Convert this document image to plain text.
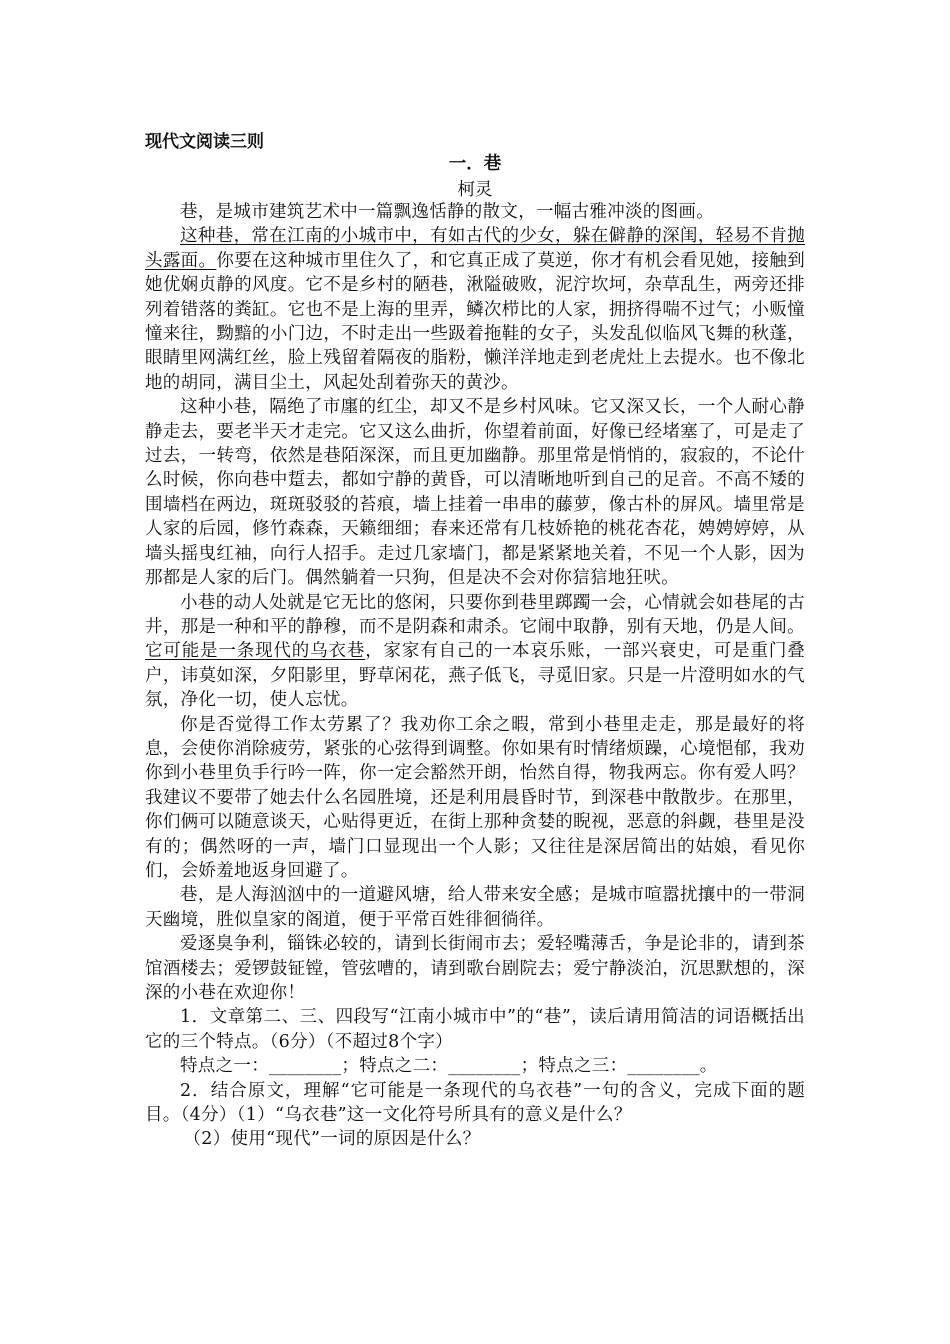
现代文阅读三则
一．巷
柯灵

巷，是城市建筑艺术中一篇飘逸恬静的散文，一幅古雅冲淡的图画。

这种巷，常在江南的小城市中，有如古代的少女，躲在僻静的深闺，轻易不肯抛头露面。你要在这种城市里住久了，和它真正成了莫逆，你才有机会看见她，接触到她优娴贞静的风度。它不是乡村的陋巷，湫隘破败，泥泞坎坷，杂草乱生，两旁还排列着错落的粪缸。它也不是上海的里弄，鳞次栉比的人家，拥挤得喘不过气；小贩憧憧来往，黝黯的小门边，不时走出一些趿着拖鞋的女子，头发乱似临风飞舞的秋蓬，眼睛里网满红丝，脸上残留着隔夜的脂粉，懒洋洋地走到老虎灶上去提水。也不像北地的胡同，满目尘土，风起处刮着弥天的黄沙。

这种小巷，隔绝了市廛的红尘，却又不是乡村风味。它又深又长，一个人耐心静静走去，要老半天才走完。它又这么曲折，你望着前面，好像已经堵塞了，可是走了过去，一转弯，依然是巷陌深深，而且更加幽静。那里常是悄悄的，寂寂的，不论什么时候，你向巷中踅去，都如宁静的黄昏，可以清晰地听到自己的足音。不高不矮的围墙档在两边，斑斑驳驳的苔痕，墙上挂着一串串的藤萝，像古朴的屏风。墙里常是人家的后园，修竹森森，天籁细细；春来还常有几枝娇艳的桃花杏花，娉娉婷婷，从墙头摇曳红袖，向行人招手。走过几家墙门，都是紧紧地关着，不见一个人影，因为那都是人家的后门。偶然躺着一只狗，但是决不会对你狺狺地狂吠。

小巷的动人处就是它无比的悠闲，只要你到巷里踯躅一会，心情就会如巷尾的古井，那是一种和平的静穆，而不是阴森和肃杀。它闹中取静，别有天地，仍是人间。它可能是一条现代的乌衣巷，家家有自己的一本哀乐账，一部兴衰史，可是重门叠户，讳莫如深，夕阳影里，野草闲花，燕子低飞，寻觅旧家。只是一片澄明如水的气氛，净化一切，使人忘忧。

你是否觉得工作太劳累了？我劝你工余之暇，常到小巷里走走，那是最好的将息，会使你消除疲劳，紧张的心弦得到调整。你如果有时情绪烦躁，心境悒郁，我劝你到小巷里负手行吟一阵，你一定会豁然开朗，怡然自得，物我两忘。你有爱人吗？我建议不要带了她去什么名园胜境，还是利用晨昏时节，到深巷中散散步。在那里，你们俩可以随意谈天，心贴得更近，在街上那种贪婪的睨视，恶意的斜觑，巷里是没有的；偶然呀的一声，墙门口显现出一个人影；又往往是深居简出的姑娘，看见你们，会娇羞地返身回避了。

巷，是人海汹汹中的一道避风塘，给人带来安全感；是城市喧嚣扰攘中的一带洞天幽境，胜似皇家的阁道，便于平常百姓徘徊徜徉。

爱逐臭争利，锱铢必较的，请到长街闹市去；爱轻嘴薄舌，争是论非的，请到茶馆酒楼去；爱锣鼓钲镗，管弦嘈的，请到歌台剧院去；爱宁静淡泊，沉思默想的，深深的小巷在欢迎你！

1．文章第二、三、四段写“江南小城市中”的“巷”，读后请用简洁的词语概括出它的三个特点。（6分）（不超过8个字）

特点之一：________；特点之二：________；特点之三：________。

2．结合原文，理解“它可能是一条现代的乌衣巷”一句的含义，完成下面的题目。（4分）（1）“乌衣巷”这一文化符号所具有的意义是什么？

（2）使用“现代”一词的原因是什么？
